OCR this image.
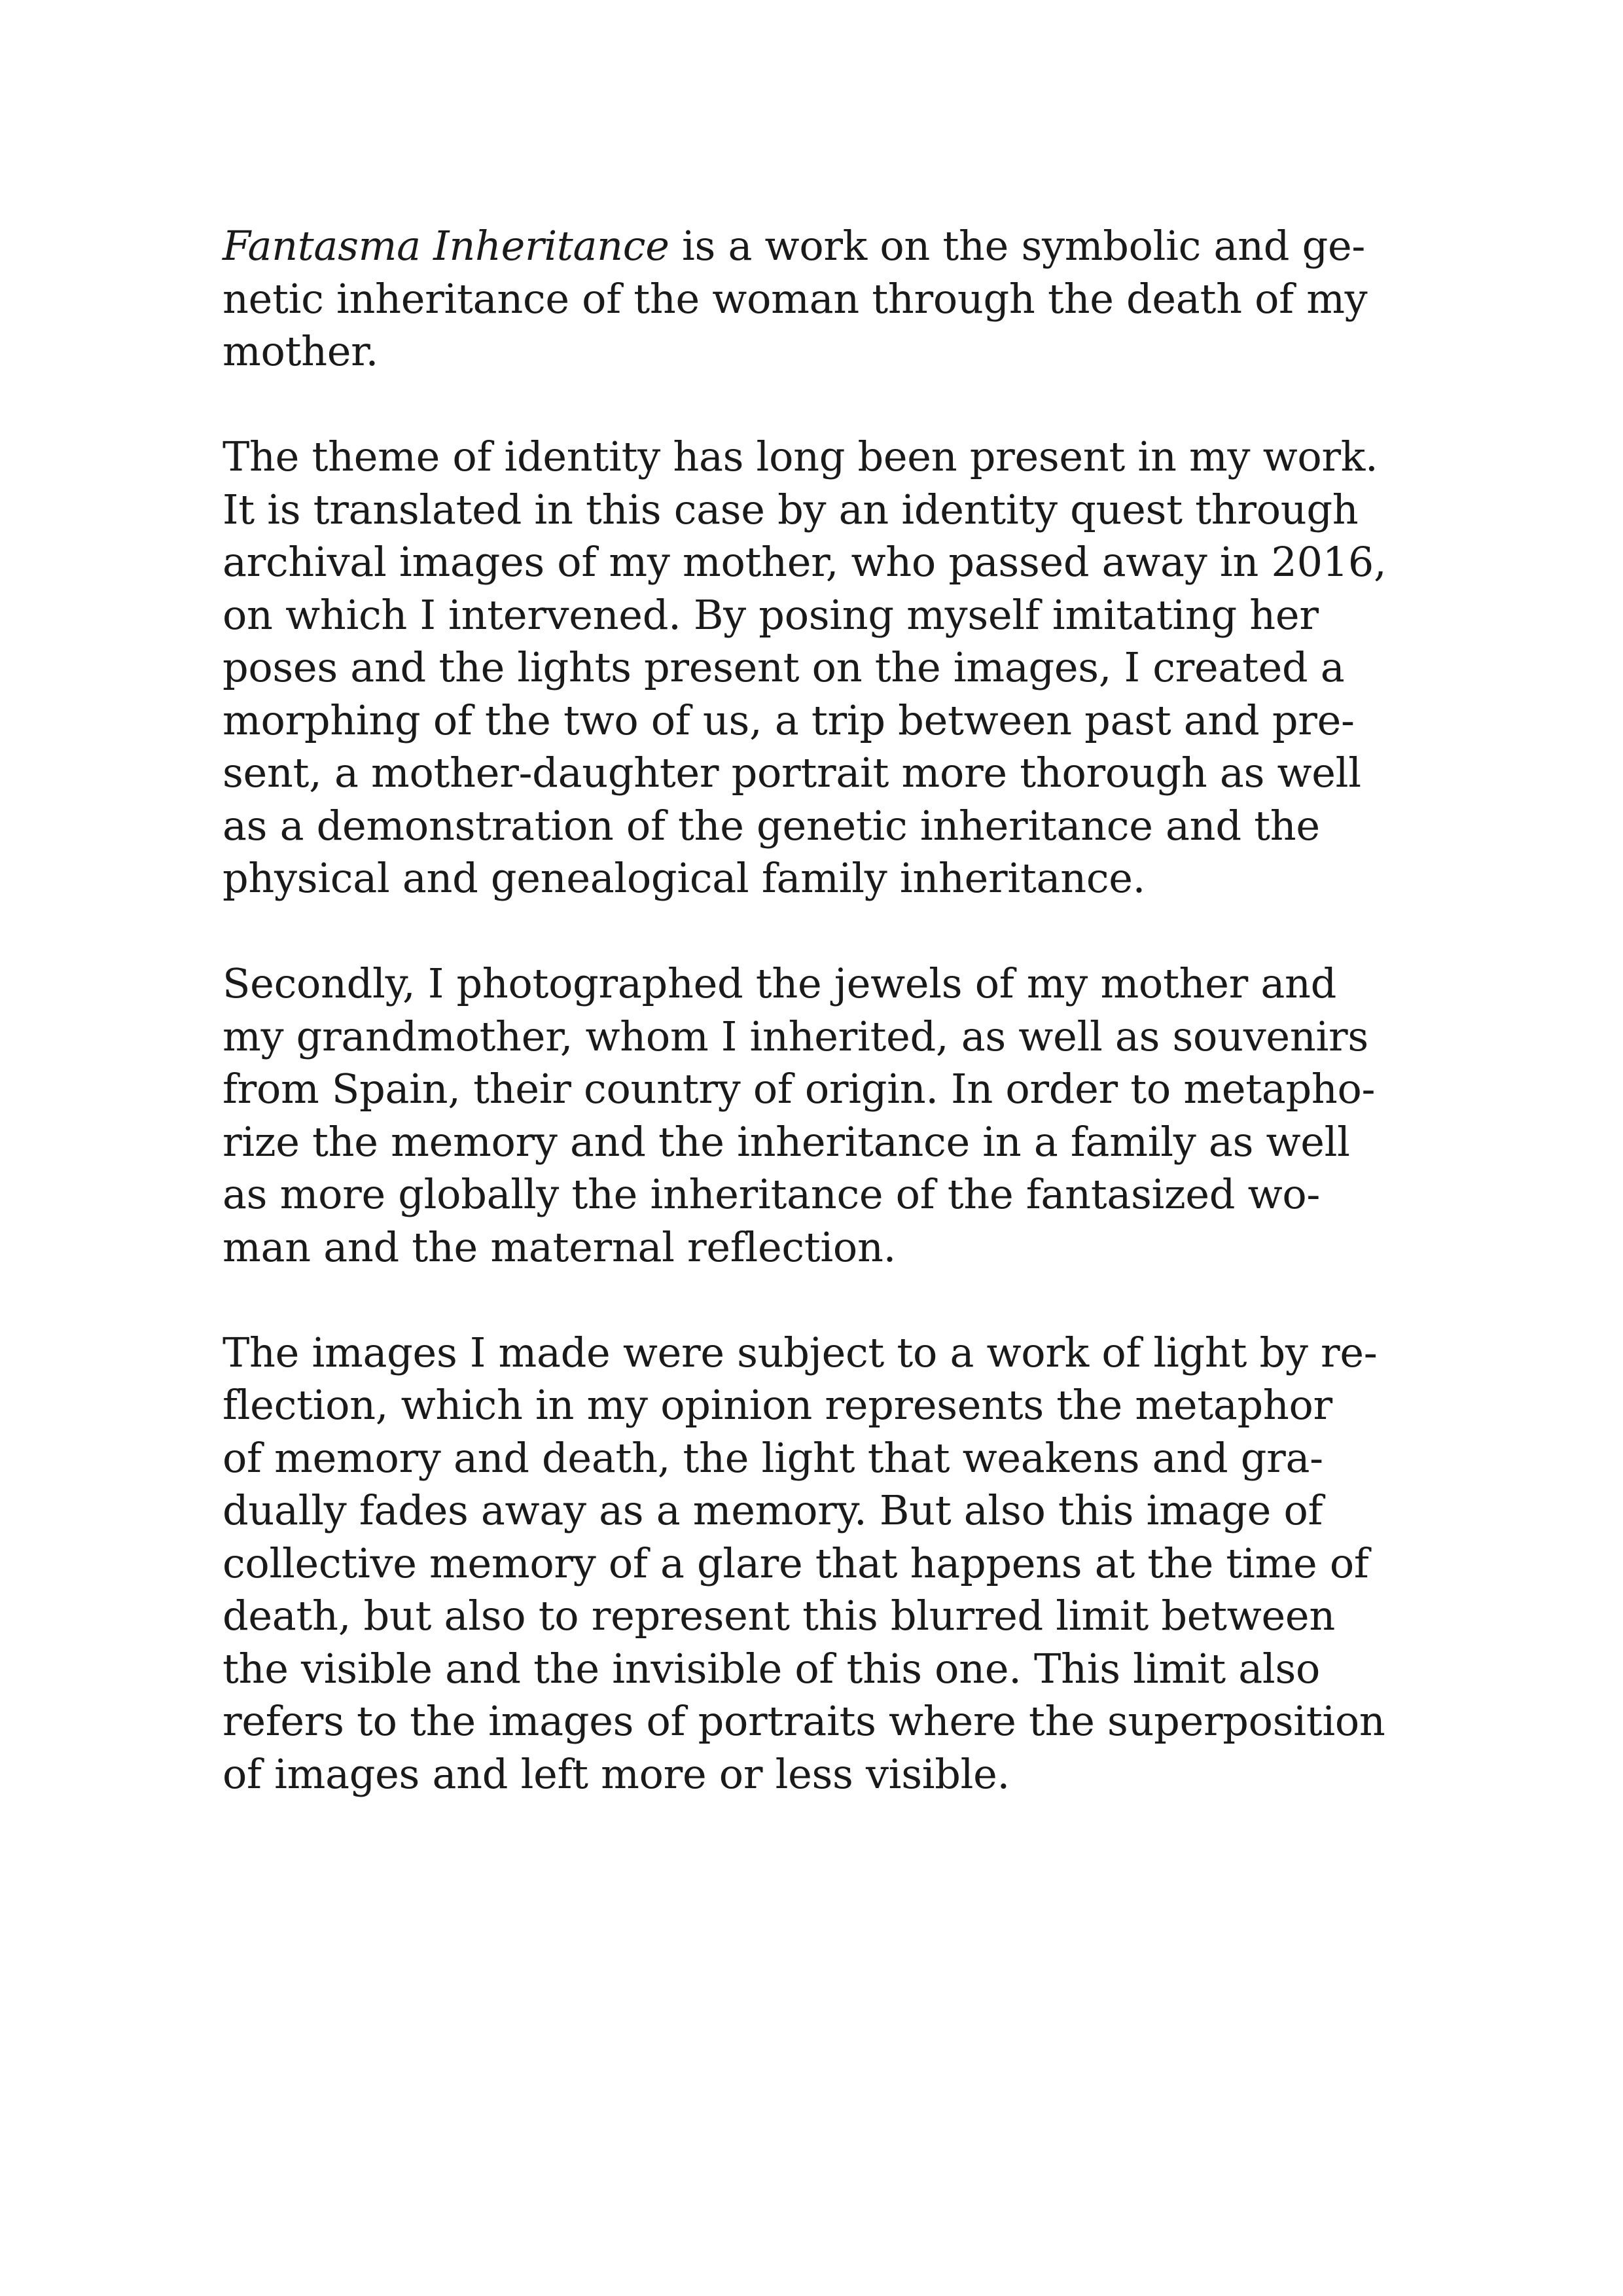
Fantasma Inheritance is a work on the symbolic and ge-
netic inheritance of the woman through the death of my
mother.

The theme of identity has long been present in my work.
It is translated in this case by an identity quest through
archival images of my mother, who passed away in 2016,
on which I intervened. By posing myself imitating her
poses and the lights present on the images, I created a
morphing of the two of us, a trip between past and pre-
sent, a mother-daughter portrait more thorough as well
as a demonstration of the genetic inheritance and the
physical and genealogical family inheritance.

Secondly, I photographed the jewels of my mother and
my grandmother, whom I inherited, as well as souvenirs
from Spain, their country of origin. In order to metapho-
rize the memory and the inheritance in a family as well
as more globally the inheritance of the fantasized wo-
man and the maternal reflection.

The images I made were subject to a work of light by re-
flection, which in my opinion represents the metaphor
of memory and death, the light that weakens and gra-
dually fades away as a memory. But also this image of
collective memory of a glare that happens at the time of
death, but also to represent this blurred limit between
the visible and the invisible of this one. This limit also
refers to the images of portraits where the superposition
of images and left more or less visible.
